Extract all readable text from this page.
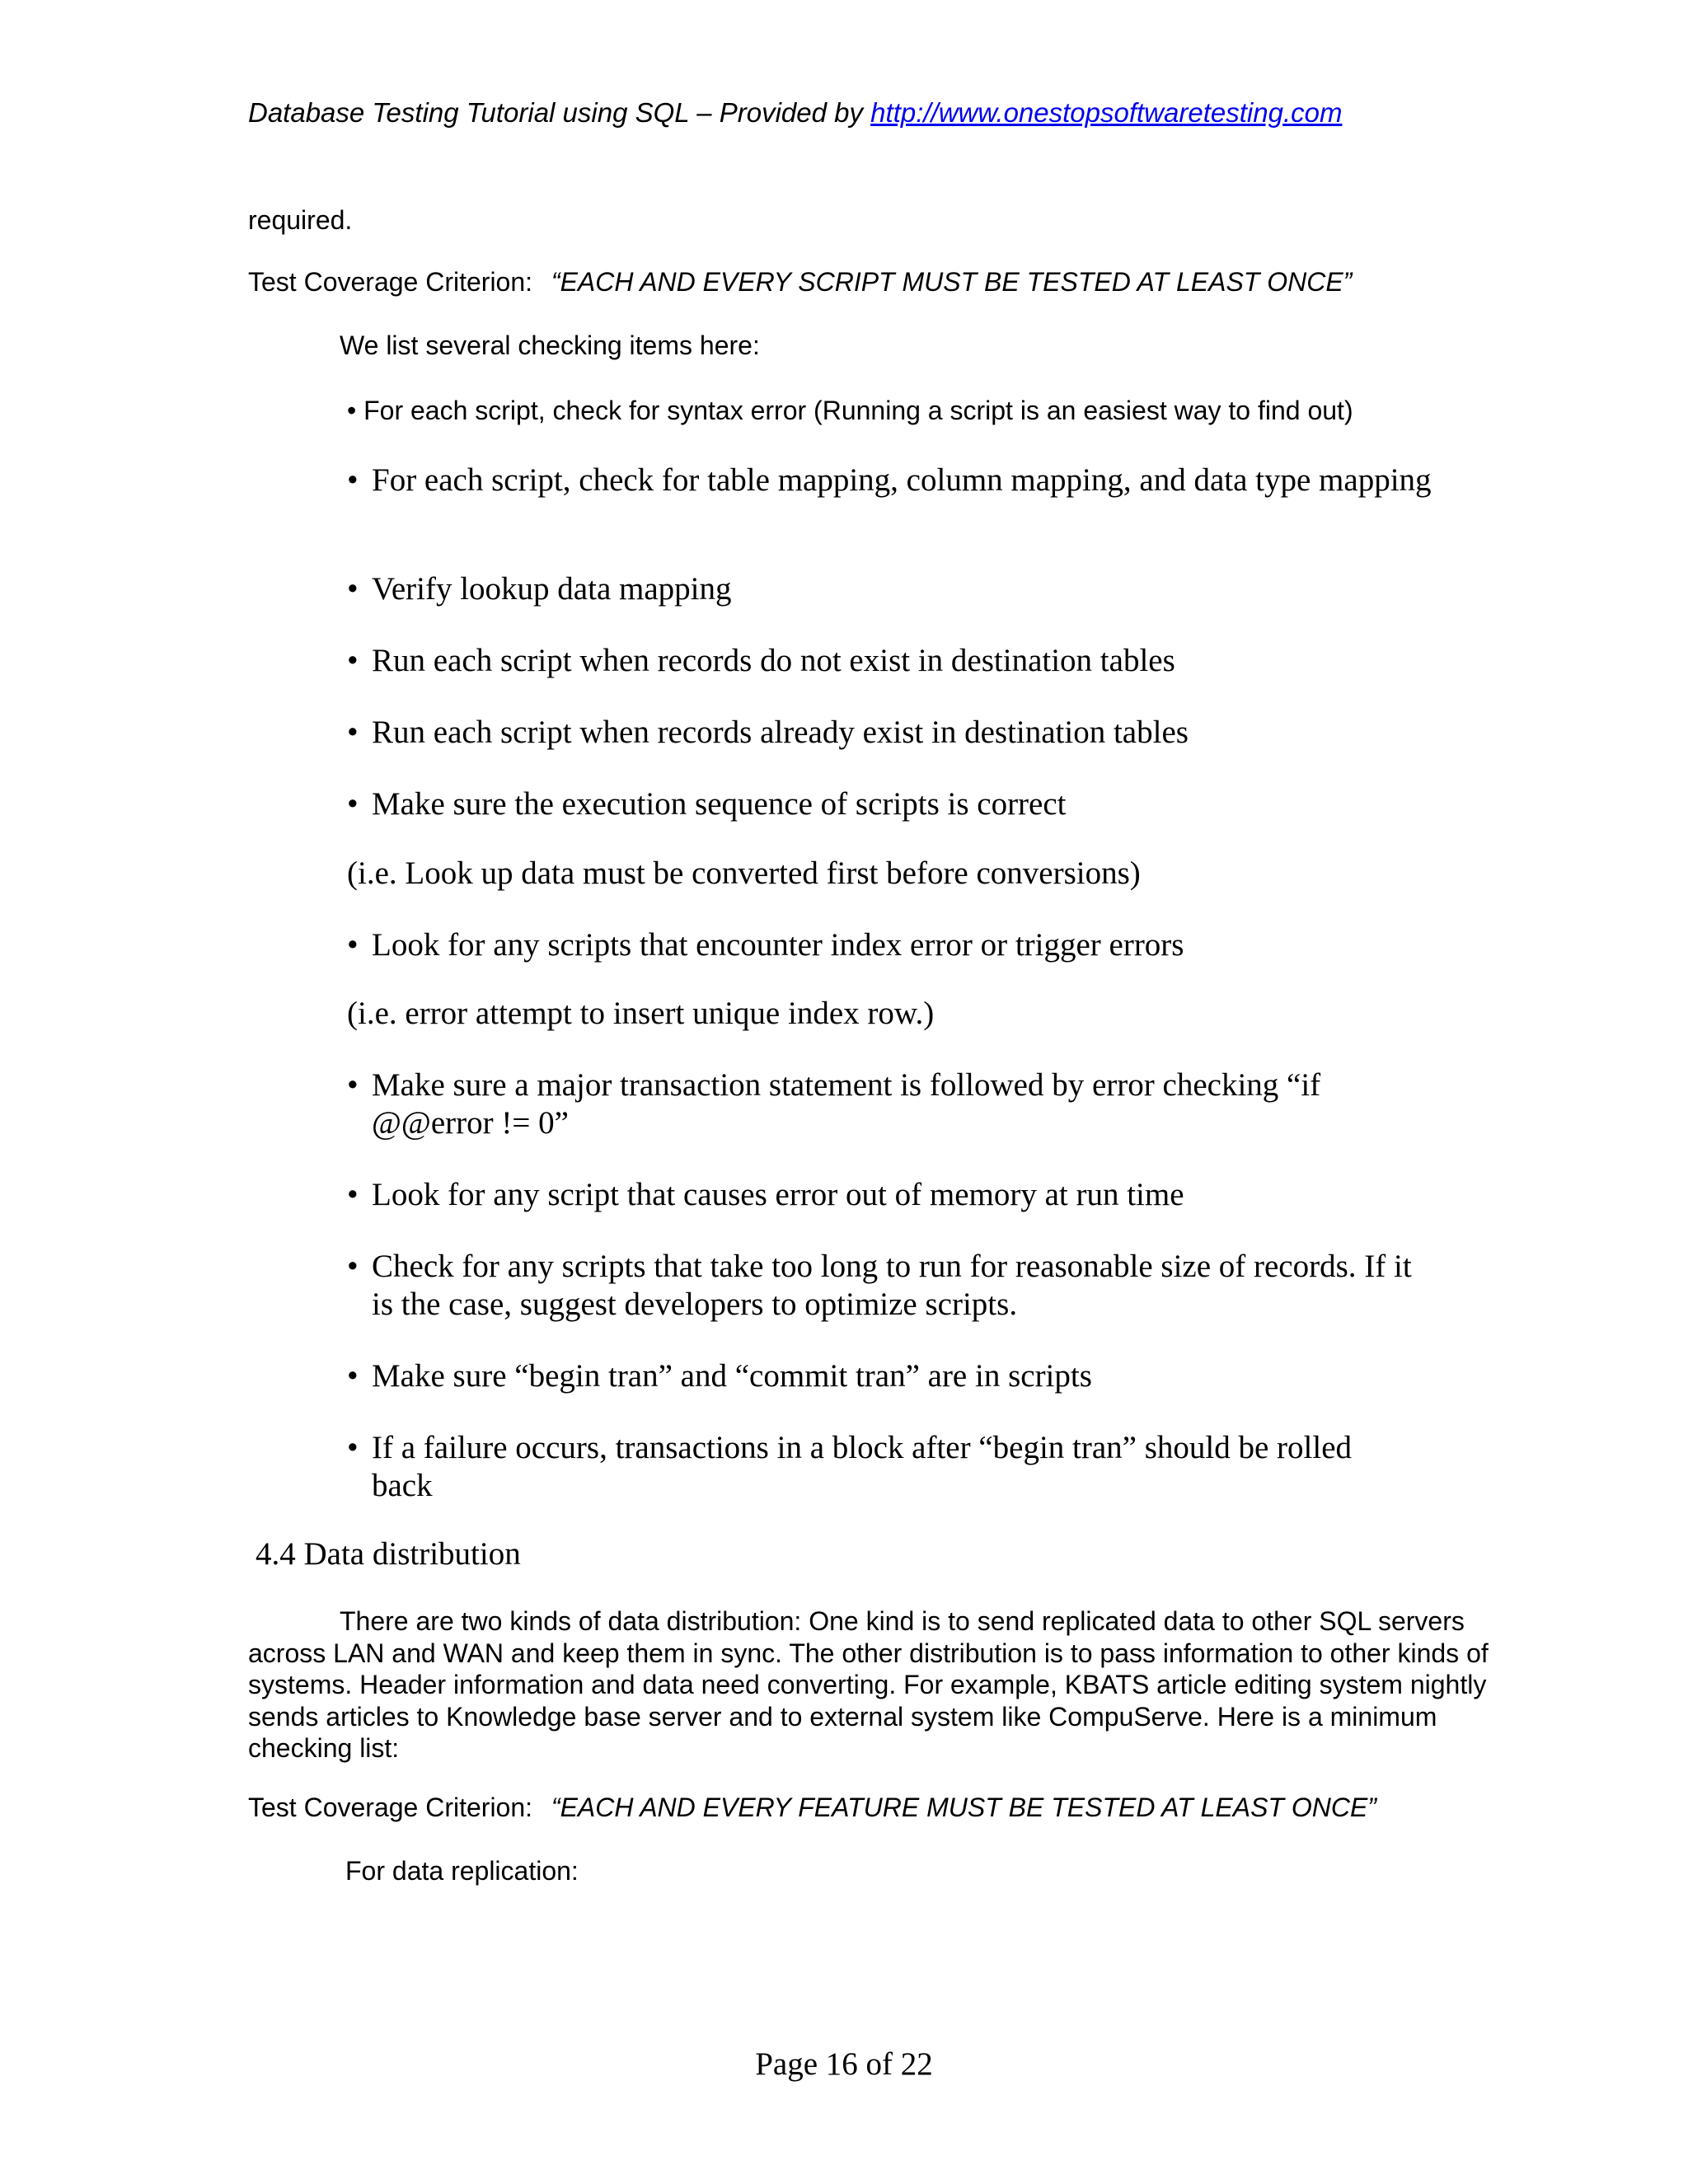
Database Testing Tutorial using SQL – Provided by http://www.onestopsoftwaretesting.com
required.
Test Coverage Criterion: “EACH AND EVERY SCRIPT MUST BE TESTED AT LEAST ONCE”
We list several checking items here:
• For each script, check for syntax error (Running a script is an easiest way to find out)
• For each script, check for table mapping, column mapping, and data type mapping
• Verify lookup data mapping
• Run each script when records do not exist in destination tables
• Run each script when records already exist in destination tables
• Make sure the execution sequence of scripts is correct
(i.e. Look up data must be converted first before conversions)
• Look for any scripts that encounter index error or trigger errors
(i.e. error attempt to insert unique index row.)
• Make sure a major transaction statement is followed by error checking “if @@error != 0”
• Look for any script that causes error out of memory at run time
• Check for any scripts that take too long to run for reasonable size of records. If it is the case, suggest developers to optimize scripts.
• Make sure “begin tran” and “commit tran” are in scripts
• If a failure occurs, transactions in a block after “begin tran” should be rolled back
4.4 Data distribution
There are two kinds of data distribution: One kind is to send replicated data to other SQL servers across LAN and WAN and keep them in sync. The other distribution is to pass information to other kinds of systems. Header information and data need converting. For example, KBATS article editing system nightly sends articles to Knowledge base server and to external system like CompuServe. Here is a minimum checking list:
Test Coverage Criterion: “EACH AND EVERY FEATURE MUST BE TESTED AT LEAST ONCE”
For data replication:
Page 16 of 22
